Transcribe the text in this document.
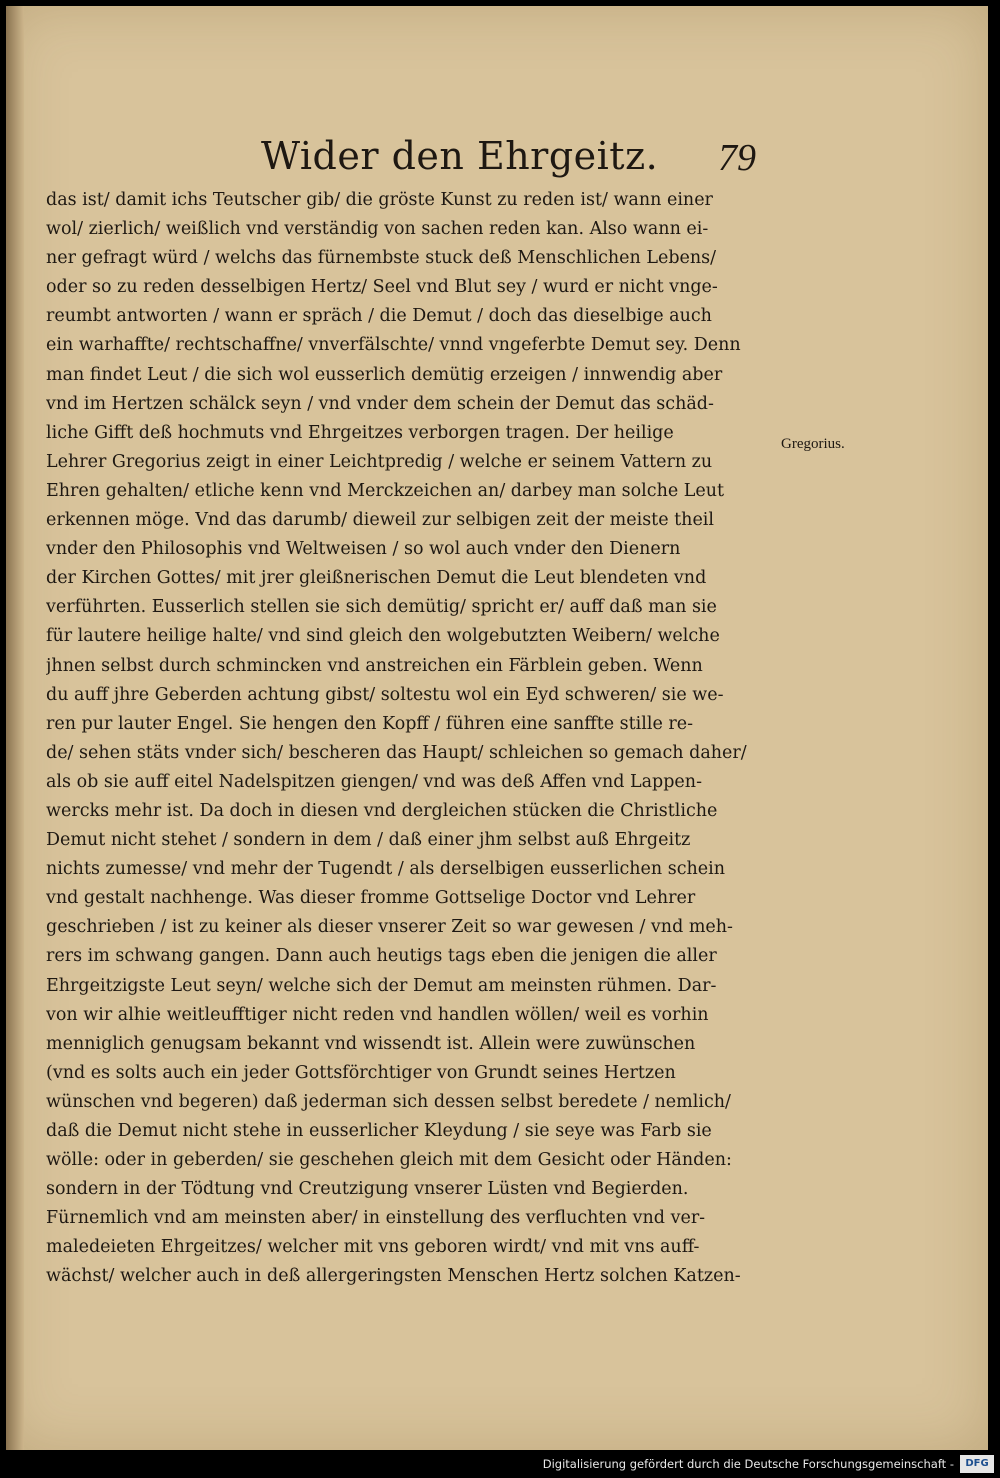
Wider den Ehrgeitz. 79
das ist/ damit ichs Teutscher gib/ die gröste Kunst zu reden ist/ wann einer
wol/ zierlich/ weißlich vnd verständig von sachen reden kan. Also wann ei-
ner gefragt würd / welchs das fürnembste stuck deß Menschlichen Lebens/
oder so zu reden desselbigen Hertz/ Seel vnd Blut sey / wurd er nicht vnge-
reumbt antworten / wann er spräch / die Demut / doch das dieselbige auch
ein warhaffte/ rechtschaffne/ vnverfälschte/ vnnd vngeferbte Demut sey. Denn
man findet Leut / die sich wol eusserlich demütig erzeigen / innwendig aber
vnd im Hertzen schälck seyn / vnd vnder dem schein der Demut das schäd-
liche Gifft deß hochmuts vnd Ehrgeitzes verborgen tragen. Der heilige
Lehrer Gregorius zeigt in einer Leichtpredig / welche er seinem Vattern zu
Ehren gehalten/ etliche kenn vnd Merckzeichen an/ darbey man solche Leut
erkennen möge. Vnd das darumb/ dieweil zur selbigen zeit der meiste theil
vnder den Philosophis vnd Weltweisen / so wol auch vnder den Dienern
der Kirchen Gottes/ mit jrer gleißnerischen Demut die Leut blendeten vnd
verführten. Eusserlich stellen sie sich demütig/ spricht er/ auff daß man sie
für lautere heilige halte/ vnd sind gleich den wolgebutzten Weibern/ welche
jhnen selbst durch schmincken vnd anstreichen ein Färblein geben. Wenn
du auff jhre Geberden achtung gibst/ soltestu wol ein Eyd schweren/ sie we-
ren pur lauter Engel. Sie hengen den Kopff / führen eine sanffte stille re-
de/ sehen stäts vnder sich/ bescheren das Haupt/ schleichen so gemach daher/
als ob sie auff eitel Nadelspitzen giengen/ vnd was deß Affen vnd Lappen-
wercks mehr ist. Da doch in diesen vnd dergleichen stücken die Christliche
Demut nicht stehet / sondern in dem / daß einer jhm selbst auß Ehrgeitz
nichts zumesse/ vnd mehr der Tugendt / als derselbigen eusserlichen schein
vnd gestalt nachhenge. Was dieser fromme Gottselige Doctor vnd Lehrer
geschrieben / ist zu keiner als dieser vnserer Zeit so war gewesen / vnd meh-
rers im schwang gangen. Dann auch heutigs tags eben die jenigen die aller
Ehrgeitzigste Leut seyn/ welche sich der Demut am meinsten rühmen. Dar-
von wir alhie weitleufftiger nicht reden vnd handlen wöllen/ weil es vorhin
menniglich genugsam bekannt vnd wissendt ist. Allein were zuwünschen
(vnd es solts auch ein jeder Gottsförchtiger von Grundt seines Hertzen
wünschen vnd begeren) daß jederman sich dessen selbst beredete / nemlich/
daß die Demut nicht stehe in eusserlicher Kleydung / sie seye was Farb sie
wölle: oder in geberden/ sie geschehen gleich mit dem Gesicht oder Händen:
sondern in der Tödtung vnd Creutzigung vnserer Lüsten vnd Begierden.
Fürnemlich vnd am meinsten aber/ in einstellung des verfluchten vnd ver-
maledeieten Ehrgeitzes/ welcher mit vns geboren wirdt/ vnd mit vns auff-
wächst/ welcher auch in deß allergeringsten Menschen Hertz solchen Katzen-
Gregorius.
Digitalisierung gefördert durch die Deutsche Forschungsgemeinschaft -	DFG
